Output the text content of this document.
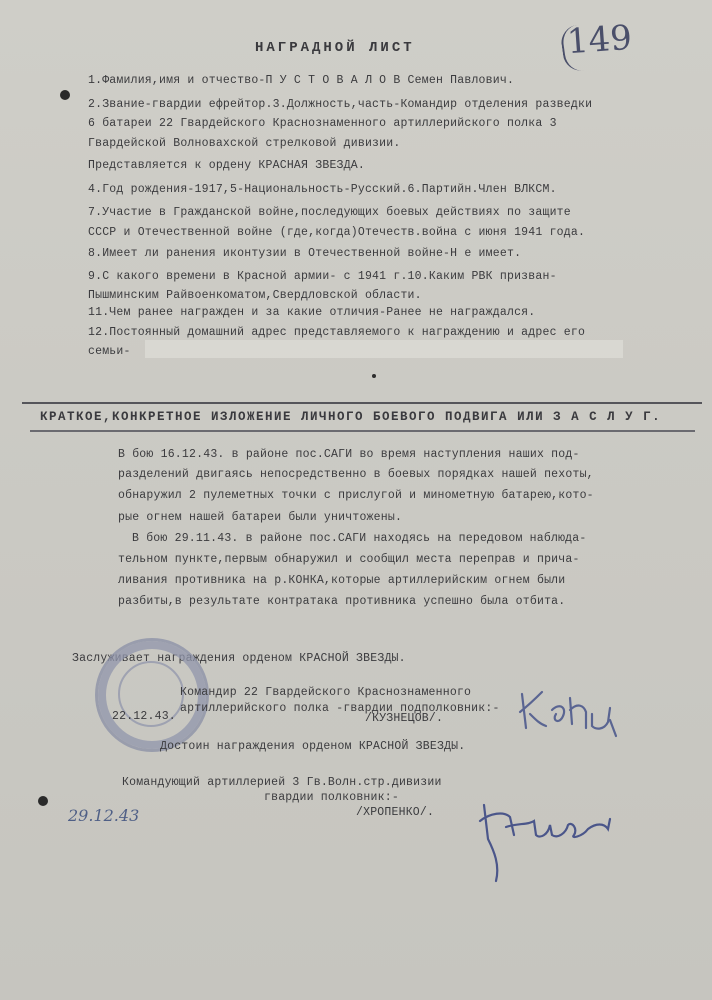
НАГРАДНОЙ ЛИСТ	149
1.Фамилия,имя и отчество-П У С Т О В А Л О В Семен Павлович.
2.Звание-гвардии ефрейтор.3.Должность,часть-Командир отделения разведки
6 батареи 22 Гвардейского Краснознаменного артиллерийского полка 3
Гвардейской Волновахской стрелковой дивизии.
Представляется к ордену КРАСНАЯ ЗВЕЗДА.
4.Год рождения-1917,5-Национальность-Русский.6.Партийн.Член ВЛКСМ.
7.Участие в Гражданской войне,последующих боевых действиях по защите
СССР и Отечественной войне (где,когда)Отечеств.война с июня 1941 года.
8.Имеет ли ранения иконтузии в Отечественной войне-Н е имеет.
9.С какого времени в Красной армии- с 1941 г.10.Каким РВК призван-
Пышминским Райвоенкоматом,Свердловской области.
11.Чем ранее награжден и за какие отличия-Ранее не награждался.
12.Постоянный домашний адрес представляемого к награждению и адрес его
семьи-
КРАТКОЕ,КОНКРЕТНОЕ ИЗЛОЖЕНИЕ ЛИЧНОГО БОЕВОГО ПОДВИГА ИЛИ З А С Л У Г.
В бою 16.12.43. в районе пос.САГИ во время наступления наших под-
разделений двигаясь непосредственно в боевых порядках нашей пехоты,
обнаружил 2 пулеметных точки с прислугой и минометную батарею,кото-
рые огнем нашей батареи были уничтожены.
В бою 29.11.43. в районе пос.САГИ находясь на передовом наблюда-
тельном пункте,первым обнаружил и сообщил места переправ и прича-
ливания противника на р.КОНКА,которые артиллерийским огнем были
разбиты,в результате контратака противника успешно была отбита.
Заслуживает награждения орденом КРАСНОЙ ЗВЕЗДЫ.
Командир 22 Гвардейского Краснознаменного
артиллерийского полка -гвардии подполковник:-
22.12.43.	/КУЗНЕЦОВ/.
Достоин награждения орденом КРАСНОЙ ЗВЕЗДЫ.
Командующий артиллерией 3 Гв.Волн.стр.дивизии
гвардии полковник:-
/ХРОПЕНКО/.
29.12.43
